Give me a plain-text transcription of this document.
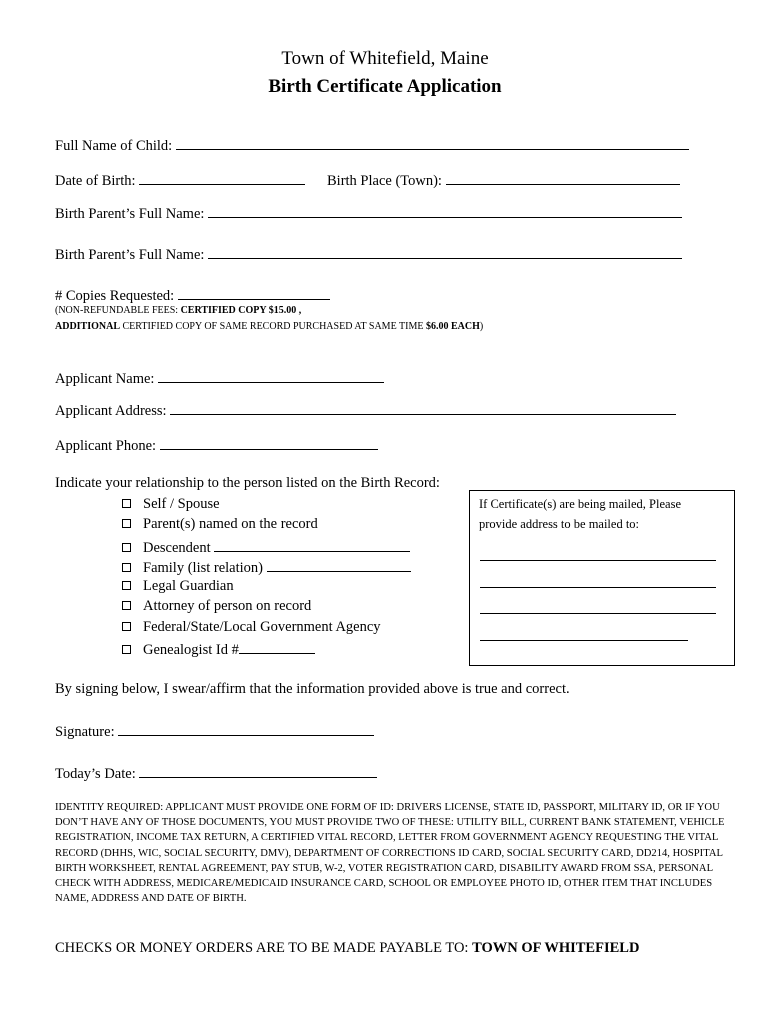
Town of Whitefield, Maine
Birth Certificate Application
Full Name of Child:
Date of Birth:	Birth Place (Town):
Birth Parent’s Full Name:
Birth Parent’s Full Name:
# Copies Requested:
(NON-REFUNDABLE FEES: CERTIFIED COPY $15.00 ,
ADDITIONAL CERTIFIED COPY OF SAME RECORD PURCHASED AT SAME TIME $6.00 EACH)
Applicant Name:
Applicant Address:
Applicant Phone:
Indicate your relationship to the person listed on the Birth Record:
Self / Spouse
Parent(s) named on the record
Descendent
Family (list relation)
Legal Guardian
Attorney of person on record
Federal/State/Local Government Agency
Genealogist Id #
If Certificate(s) are being mailed, Please
provide address to be mailed to:
By signing below, I swear/affirm that the information provided above is true and correct.
Signature:
Today’s Date:
IDENTITY REQUIRED: APPLICANT MUST PROVIDE ONE FORM OF ID: DRIVERS LICENSE, STATE ID, PASSPORT, MILITARY ID, OR IF YOU DON’T HAVE ANY OF THOSE DOCUMENTS, YOU MUST PROVIDE TWO OF THESE: UTILITY BILL, CURRENT BANK STATEMENT, VEHICLE REGISTRATION, INCOME TAX RETURN, A CERTIFIED VITAL RECORD, LETTER FROM GOVERNMENT AGENCY REQUESTING THE VITAL RECORD (DHHS, WIC, SOCIAL SECURITY, DMV), DEPARTMENT OF CORRECTIONS ID CARD, SOCIAL SECURITY CARD, DD214, HOSPITAL BIRTH WORKSHEET, RENTAL AGREEMENT, PAY STUB, W-2, VOTER REGISTRATION CARD, DISABILITY AWARD FROM SSA, PERSONAL CHECK WITH ADDRESS, MEDICARE/MEDICAID INSURANCE CARD, SCHOOL OR EMPLOYEE PHOTO ID, OTHER ITEM THAT INCLUDES NAME, ADDRESS AND DATE OF BIRTH.
CHECKS OR MONEY ORDERS ARE TO BE MADE PAYABLE TO: TOWN OF WHITEFIELD
